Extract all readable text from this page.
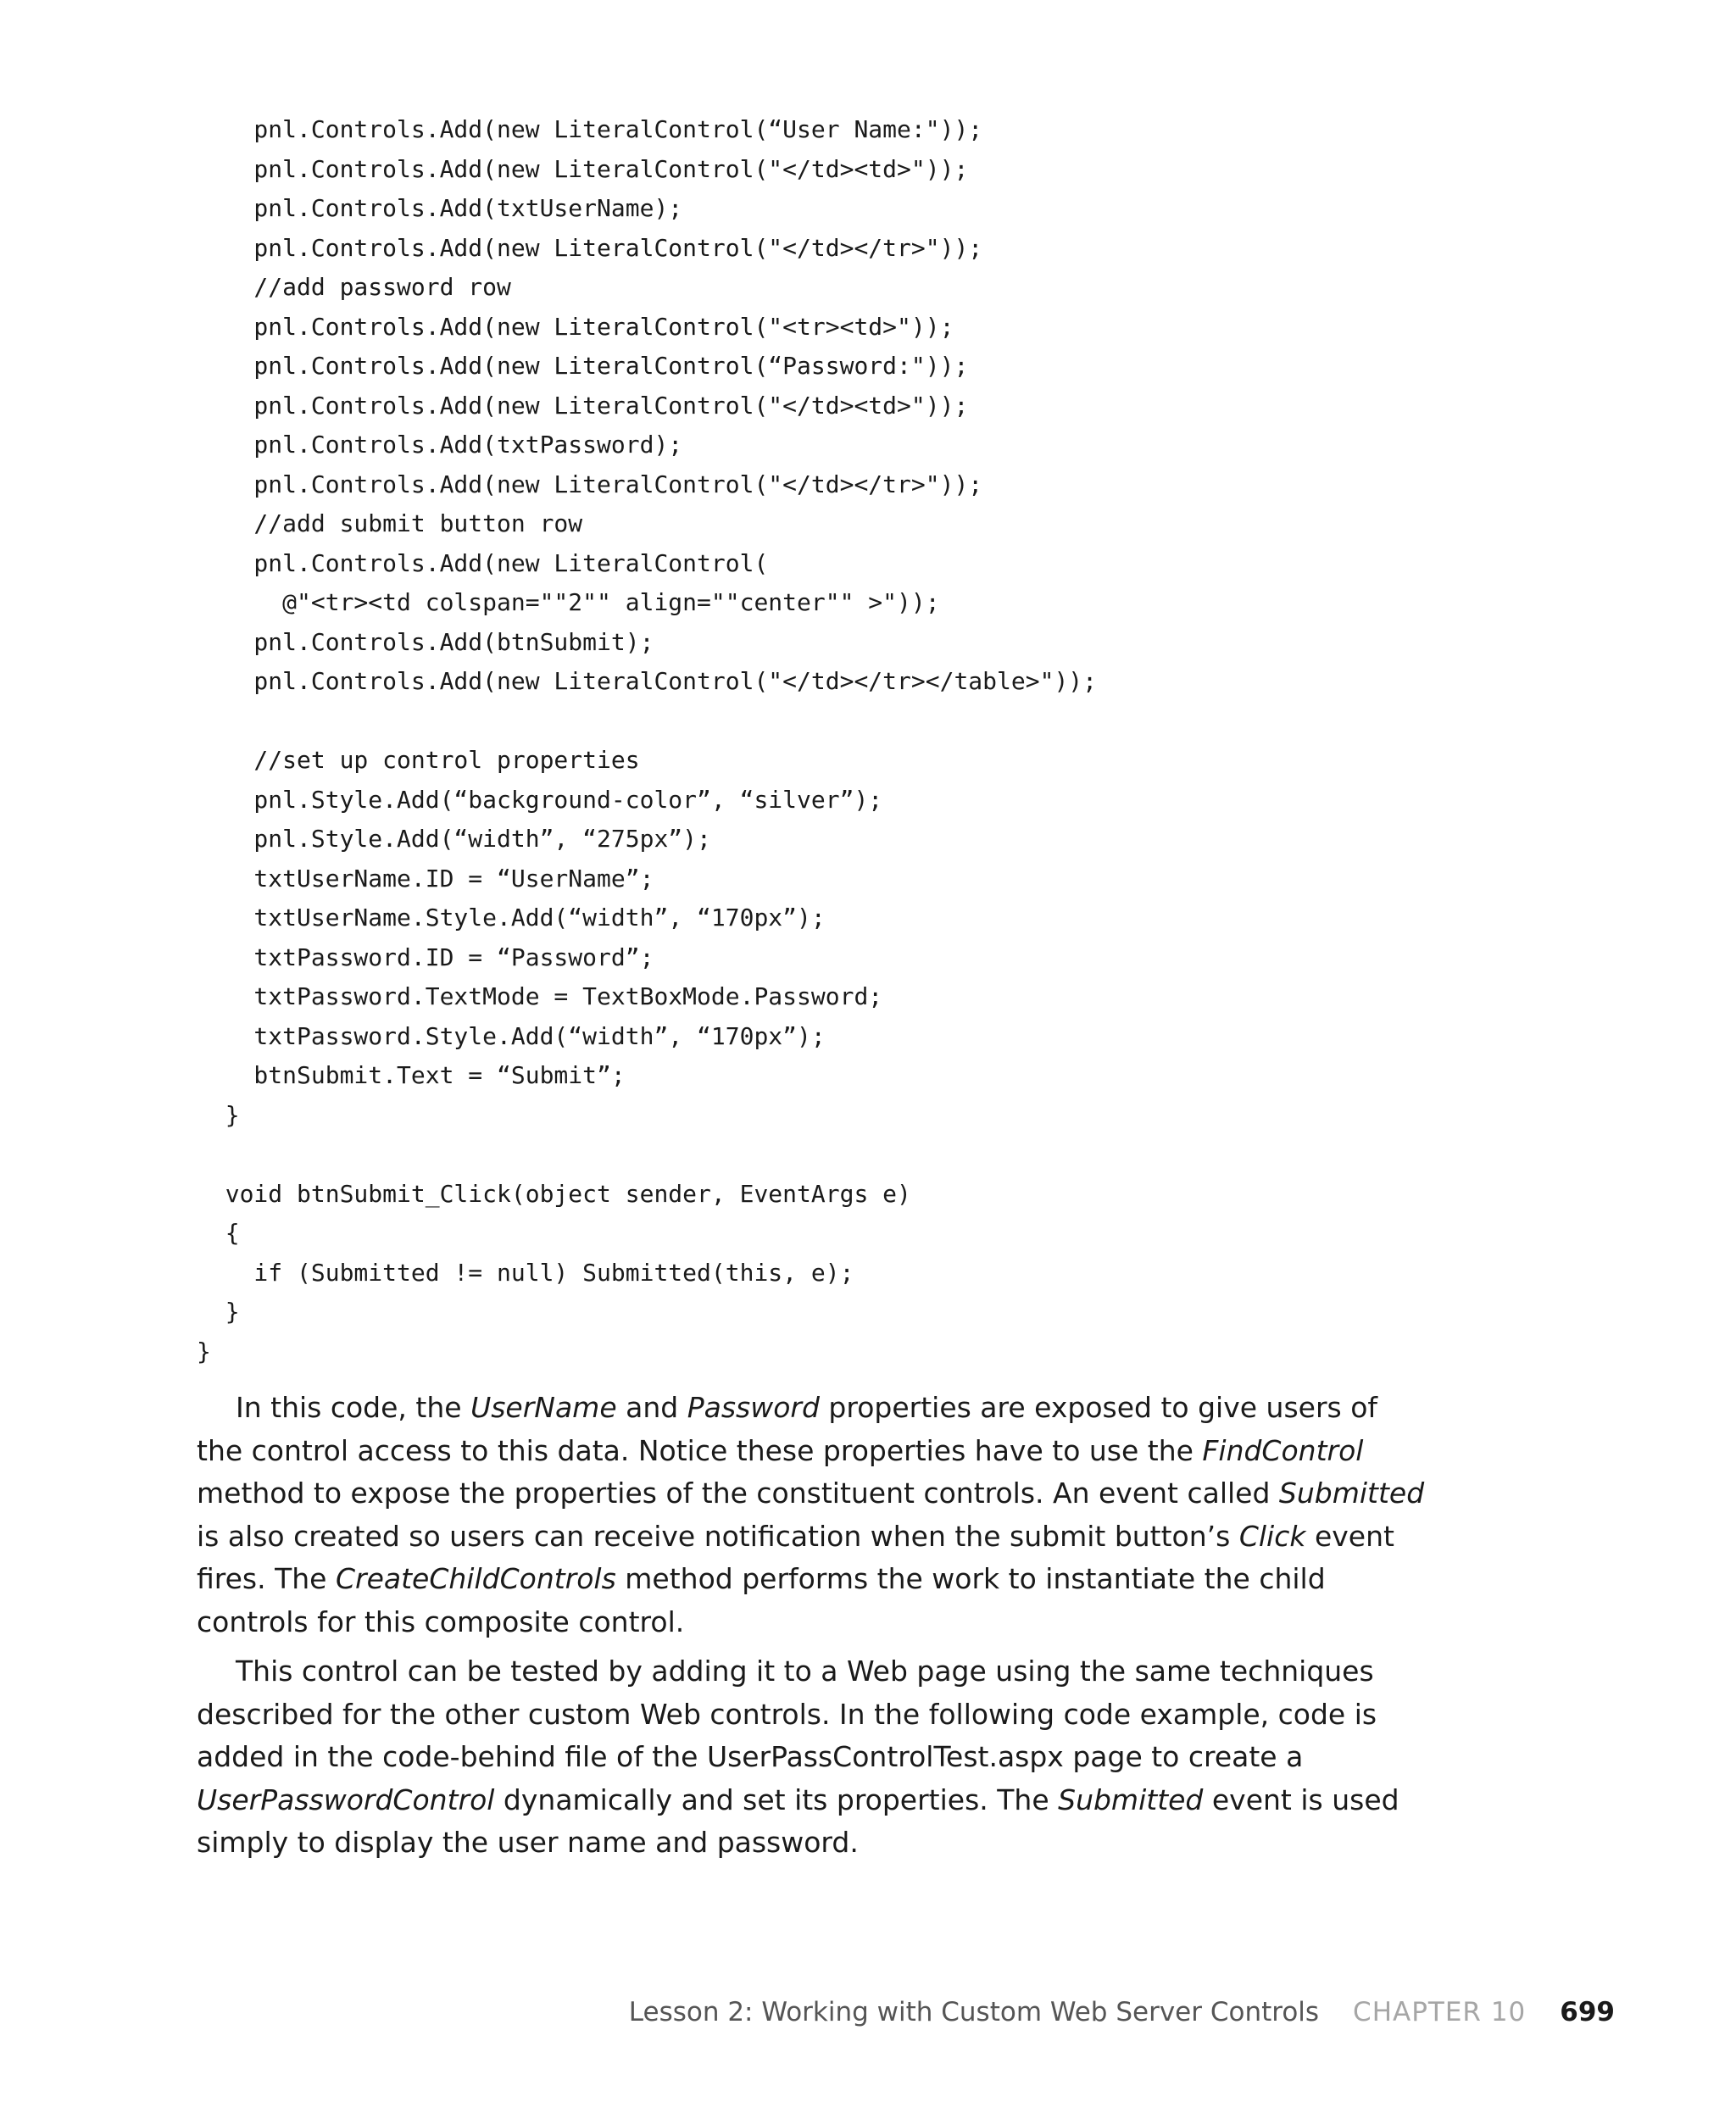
pnl.Controls.Add(new LiteralControl(“User Name:"));
pnl.Controls.Add(new LiteralControl("</td><td>"));
pnl.Controls.Add(txtUserName);
pnl.Controls.Add(new LiteralControl("</td></tr>"));
//add password row
pnl.Controls.Add(new LiteralControl("<tr><td>"));
pnl.Controls.Add(new LiteralControl(“Password:"));
pnl.Controls.Add(new LiteralControl("</td><td>"));
pnl.Controls.Add(txtPassword);
pnl.Controls.Add(new LiteralControl("</td></tr>"));
//add submit button row
pnl.Controls.Add(new LiteralControl(
@"<tr><td colspan=""2"" align=""center"" >"));
pnl.Controls.Add(btnSubmit);
pnl.Controls.Add(new LiteralControl("</td></tr></table>"));
//set up control properties
pnl.Style.Add(“background-color”, “silver”);
pnl.Style.Add(“width”, “275px”);
txtUserName.ID = “UserName”;
txtUserName.Style.Add(“width”, “170px”);
txtPassword.ID = “Password”;
txtPassword.TextMode = TextBoxMode.Password;
txtPassword.Style.Add(“width”, “170px”);
btnSubmit.Text = “Submit”;
}
void btnSubmit_Click(object sender, EventArgs e)
{
if (Submitted != null) Submitted(this, e);
}
}

In this code, the UserName and Password properties are exposed to give users of the control access to this data. Notice these properties have to use the FindControl method to expose the properties of the constituent controls. An event called Submitted is also created so users can receive notification when the submit button’s Click event fires. The CreateChildControls method performs the work to instantiate the child controls for this composite control.

This control can be tested by adding it to a Web page using the same techniques described for the other custom Web controls. In the following code example, code is added in the code-behind file of the UserPassControlTest.aspx page to create a UserPasswordControl dynamically and set its properties. The Submitted event is used simply to display the user name and password.

Lesson 2: Working with Custom Web Server Controls CHAPTER 10 699
